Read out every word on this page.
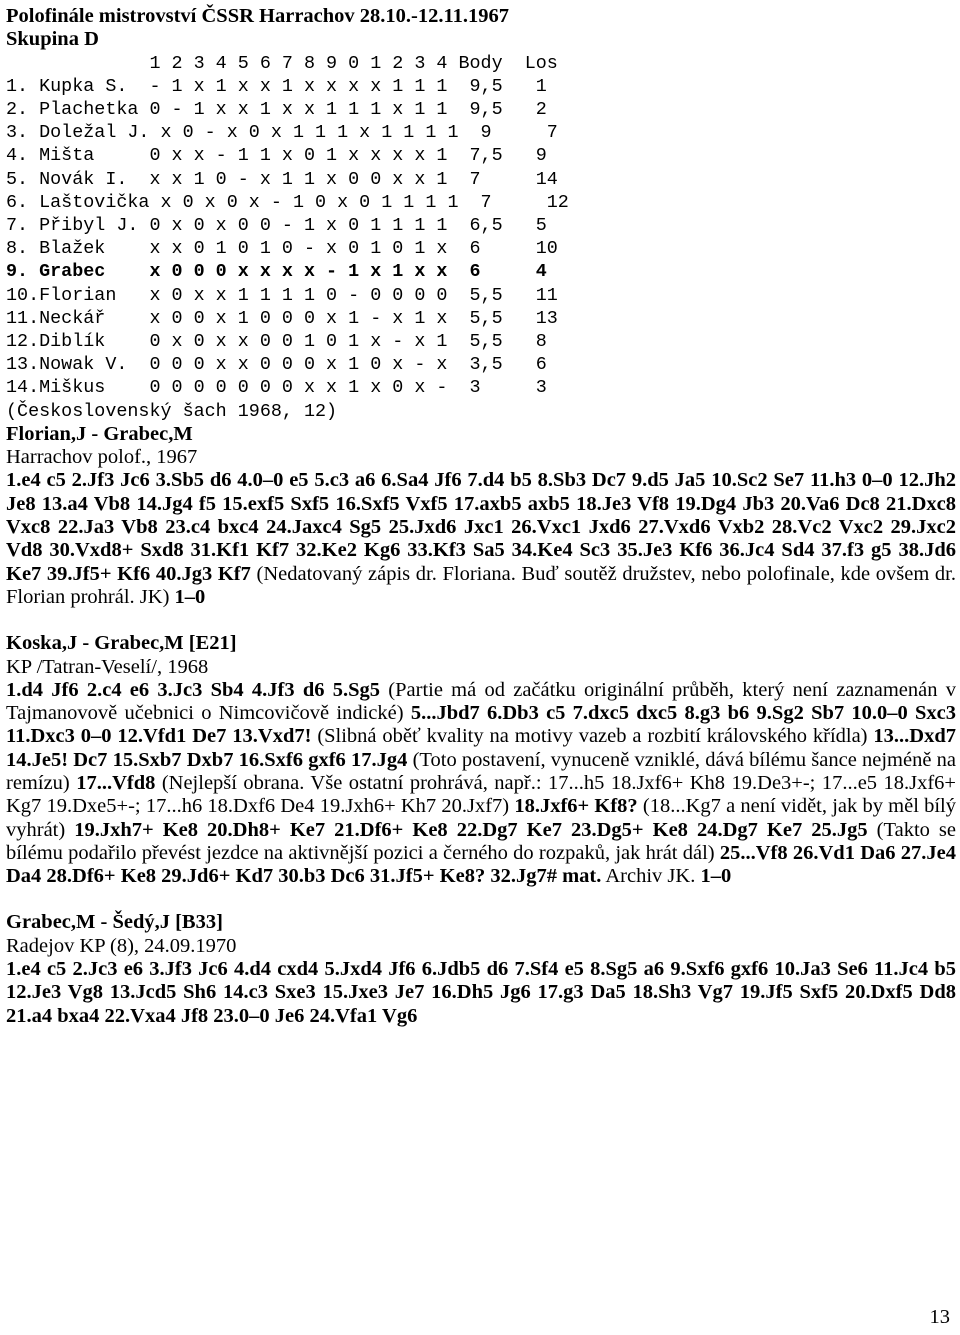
Polofinále mistrovství ČSSR Harrachov 28.10.-12.11.1967
Skupina D
1 2 3 4 5 6 7 8 9 0 1 2 3 4 Body  Los
1. Kupka S.  - 1 x 1 x x 1 x x x x 1 1 1  9,5   1
2. Plachetka 0 - 1 x x 1 x x 1 1 1 x 1 1  9,5   2
3. Doležal J. x 0 - x 0 x 1 1 1 x 1 1 1 1  9     7
4. Mišta     0 x x - 1 1 x 0 1 x x x x 1  7,5   9
5. Novák I.  x x 1 0 - x 1 1 x 0 0 x x 1  7     14
6. Laštovička x 0 x 0 x - 1 0 x 0 1 1 1 1  7     12
7. Přibyl J. 0 x 0 x 0 0 - 1 x 0 1 1 1 1  6,5   5
8. Blažek    x x 0 1 0 1 0 - x 0 1 0 1 x  6     10
9. Grabec    x 0 0 0 x x x x - 1 x 1 x x  6     4
10.Florian   x 0 x x 1 1 1 1 0 - 0 0 0 0  5,5   11
11.Neckář    x 0 0 x 1 0 0 0 x 1 - x 1 x  5,5   13
12.Diblík    0 x 0 x x 0 0 1 0 1 x - x 1  5,5   8
13.Nowak V.  0 0 0 x x 0 0 0 x 1 0 x - x  3,5   6
14.Miškus    0 0 0 0 0 0 0 x x 1 x 0 x -  3     3
(Československý šach 1968, 12)
Florian,J - Grabec,M
Harrachov polof., 1967
1.e4 c5 2.Jf3 Jc6 3.Sb5 d6 4.0–0 e5 5.c3 a6 6.Sa4 Jf6 7.d4 b5 8.Sb3 Dc7 9.d5 Ja5 10.Sc2 Se7 11.h3 0–0 12.Jh2 Je8 13.a4 Vb8 14.Jg4 f5 15.exf5 Sxf5 16.Sxf5 Vxf5 17.axb5 axb5 18.Je3 Vf8 19.Dg4 Jb3 20.Va6 Dc8 21.Dxc8 Vxc8 22.Ja3 Vb8 23.c4 bxc4 24.Jaxc4 Sg5 25.Jxd6 Jxc1 26.Vxc1 Jxd6 27.Vxd6 Vxb2 28.Vc2 Vxc2 29.Jxc2 Vd8 30.Vxd8+ Sxd8 31.Kf1 Kf7 32.Ke2 Kg6 33.Kf3 Sa5 34.Ke4 Sc3 35.Je3 Kf6 36.Jc4 Sd4 37.f3 g5 38.Jd6 Ke7 39.Jf5+ Kf6 40.Jg3 Kf7 (Nedatovaný zápis dr. Floriana. Buď soutěž družstev, nebo polofinale, kde ovšem dr. Florian prohrál. JK) 1–0
Koska,J - Grabec,M [E21]
KP /Tatran-Veselí/, 1968
1.d4 Jf6 2.c4 e6 3.Jc3 Sb4 4.Jf3 d6 5.Sg5 (Partie má od začátku originální průběh, který není zaznamenán v Tajmanovově učebnici o Nimcovičově indické) 5...Jbd7 6.Db3 c5 7.dxc5 dxc5 8.g3 b6 9.Sg2 Sb7 10.0–0 Sxc3 11.Dxc3 0–0 12.Vfd1 De7 13.Vxd7! (Slibná oběť kvality na motivy vazeb a rozbití královského křídla) 13...Dxd7 14.Je5! Dc7 15.Sxb7 Dxb7 16.Sxf6 gxf6 17.Jg4 (Toto postavení, vynuceně vzniklé, dává bílému šance nejméně na remízu) 17...Vfd8 (Nejlepší obrana. Vše ostatní prohrává, např.: 17...h5 18.Jxf6+ Kh8 19.De3+-; 17...e5 18.Jxf6+ Kg7 19.Dxe5+-; 17...h6 18.Dxf6 De4 19.Jxh6+ Kh7 20.Jxf7) 18.Jxf6+ Kf8? (18...Kg7 a není vidět, jak by měl bílý vyhrát) 19.Jxh7+ Ke8 20.Dh8+ Ke7 21.Df6+ Ke8 22.Dg7 Ke7 23.Dg5+ Ke8 24.Dg7 Ke7 25.Jg5 (Takto se bílému podařilo převést jezdce na aktivnější pozici a černého do rozpaků, jak hrát dál) 25...Vf8 26.Vd1 Da6 27.Je4 Da4 28.Df6+ Ke8 29.Jd6+ Kd7 30.b3 Dc6 31.Jf5+ Ke8? 32.Jg7# mat. Archiv JK. 1–0
Grabec,M - Šedý,J [B33]
Radejov KP (8), 24.09.1970
1.e4 c5 2.Jc3 e6 3.Jf3 Jc6 4.d4 cxd4 5.Jxd4 Jf6 6.Jdb5 d6 7.Sf4 e5 8.Sg5 a6 9.Sxf6 gxf6 10.Ja3 Se6 11.Jc4 b5 12.Je3 Vg8 13.Jcd5 Sh6 14.c3 Sxe3 15.Jxe3 Je7 16.Dh5 Jg6 17.g3 Da5 18.Sh3 Vg7 19.Jf5 Sxf5 20.Dxf5 Dd8 21.a4 bxa4 22.Vxa4 Jf8 23.0–0 Je6 24.Vfa1 Vg6
13
